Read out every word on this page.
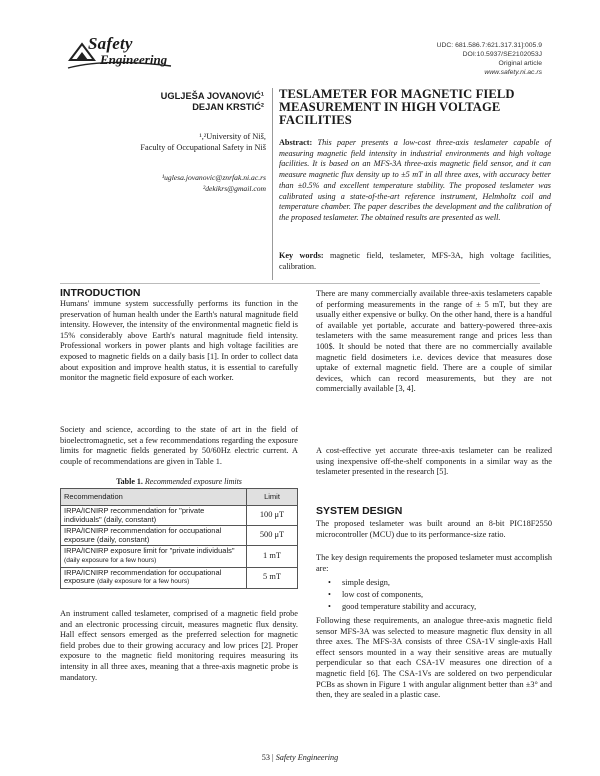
Safety
Engineering
UDC: 681.586.7:621.317.31]:005.9
DOI:10.5937/SE2102053J
Original article
www.safety.ni.ac.rs
UGLJEŠA JOVANOVIĆ¹
DEJAN KRSTIĆ²
¹,²University of Niš,
Faculty of Occupational Safety in Niš
¹uglesa.jovanovic@znrfak.ni.ac.rs
²dekikrs@gmail.com
TESLAMETER FOR MAGNETIC FIELD MEASUREMENT IN HIGH VOLTAGE FACILITIES
Abstract: This paper presents a low-cost three-axis teslameter capable of measuring magnetic field intensity in industrial environments and high voltage facilities. It is based on an MFS-3A three-axis magnetic field sensor, and it can measure magnetic flux density up to ±5 mT in all three axes, with accuracy better than ±0.5% and excellent temperature stability. The proposed teslameter was calibrated using a state-of-the-art reference instrument, Helmholtz coil and temperature chamber. The paper describes the development and the calibration of the proposed teslameter. The obtained results are presented as well.
Key words: magnetic field, teslameter, MFS-3A, high voltage facilities, calibration.
INTRODUCTION
Humans' immune system successfully performs its function in the preservation of human health under the Earth's natural magnitude field intensity. However, the intensity of the environmental magnetic field is 15% considerably above Earth's natural magnitude field intensity. Professional workers in power plants and high voltage facilities are exposed to magnetic fields on a daily basis [1]. In order to collect data about exposition and improve health status, it is essential to carefully monitor the magnetic field exposure of each worker.
Society and science, according to the state of art in the field of bioelectromagnetic, set a few recommendations regarding the exposure limits for magnetic fields generated by 50/60Hz electric current. A couple of recommendations are given in Table 1.
Table 1. Recommended exposure limits
Recommendation	Limit
IRPA/ICNIRP recommendation for "private individuals" (daily, constant)	100 μT
IRPA/ICNIRP recommendation for occupational exposure (daily, constant)	500 μT
IRPA/ICNIRP exposure limit for "private individuals" (daily exposure for a few hours)	1 mT
IRPA/ICNIRP recommendation for occupational exposure (daily exposure for a few hours)	5 mT
An instrument called teslameter, comprised of a magnetic field probe and an electronic processing circuit, measures magnetic flux density. Hall effect sensors emerged as the preferred selection for magnetic field probes due to their growing accuracy and low prices [2]. Proper exposure to the magnetic field monitoring requires measuring its intensity in all three axes, meaning that a three-axis magnetic probe is mandatory.
There are many commercially available three-axis teslameters capable of performing measurements in the range of ± 5 mT, but they are usually either expensive or bulky. On the other hand, there is a handful of available yet portable, accurate and battery-powered three-axis teslameters with the same measurement range and prices less than 100$. It should be noted that there are no commercially available magnetic field dosimeters i.e. devices device that measures dose uptake of external magnetic field. There are a couple of similar devices, which can record measurements, but they are not commercially available [3, 4].
A cost-effective yet accurate three-axis teslameter can be realized using inexpensive off-the-shelf components in a similar way as the teslameter presented in the research [5].
SYSTEM DESIGN
The proposed teslameter was built around an 8-bit PIC18F2550 microcontroller (MCU) due to its performance-size ratio.
The key design requirements the proposed teslameter must accomplish are:
• simple design,
• low cost of components,
• good temperature stability and accuracy,
Following these requirements, an analogue three-axis magnetic field sensor MFS-3A was selected to measure magnetic flux density in all three axes. The MFS-3A consists of three CSA-1V single-axis Hall effect sensors mounted in a way their sensitive areas are mutually perpendicular so that each CSA-1V measures one direction of a magnetic field [6]. The CSA-1Vs are soldered on two perpendicular PCBs as shown in Figure 1 with angular alignment better than ±3° and then, they are sealed in a plastic case.
53 | Safety Engineering
